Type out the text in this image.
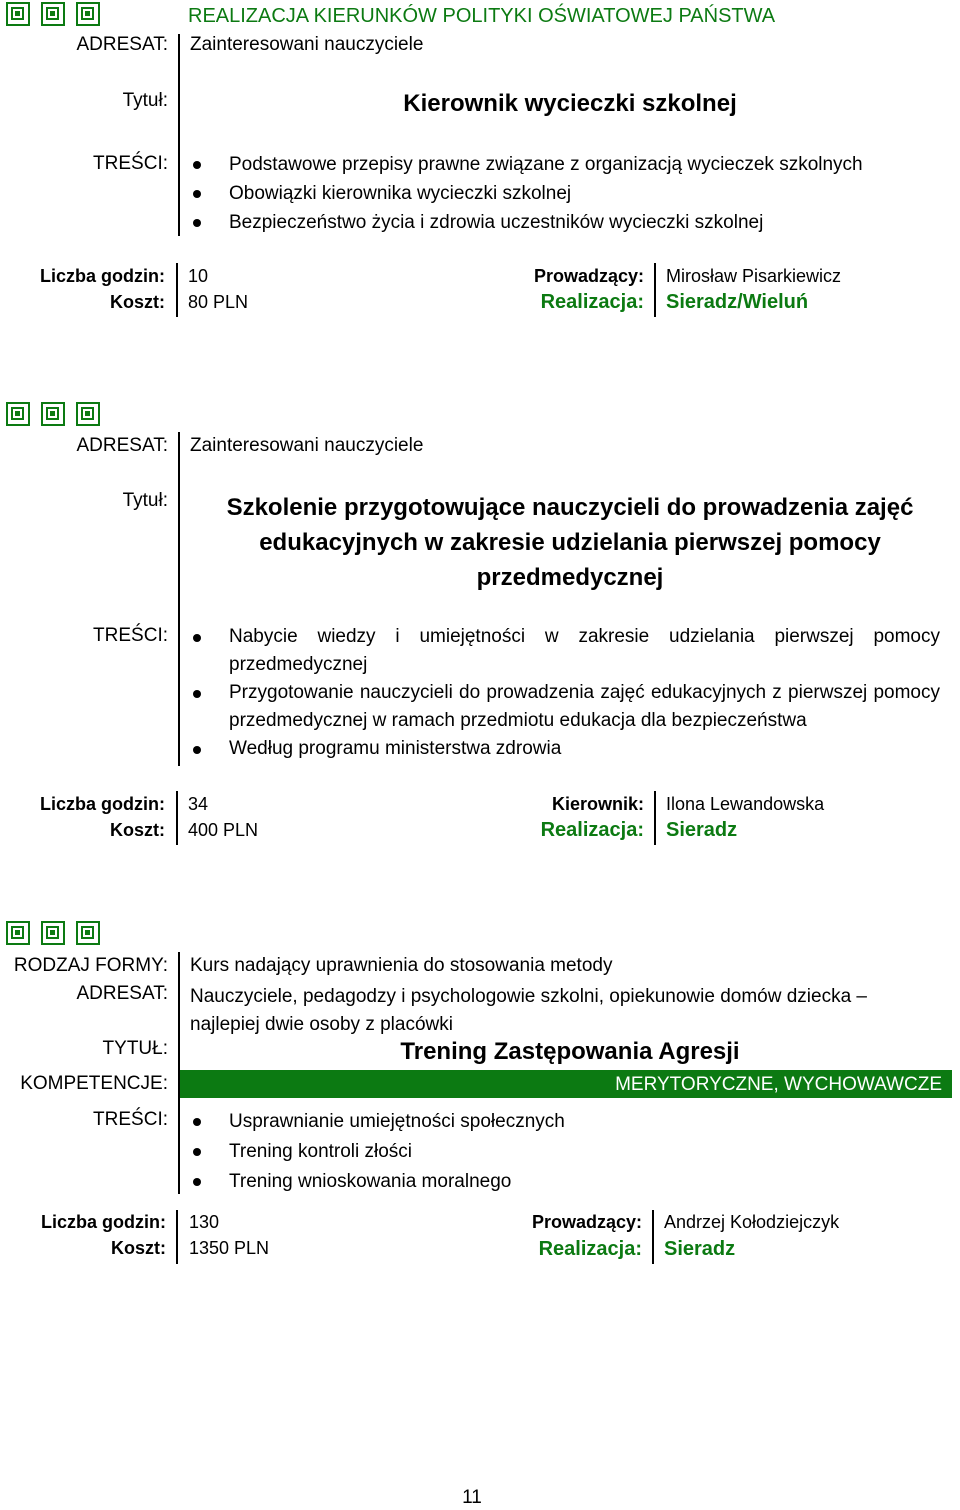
REALIZACJA KIERUNKÓW POLITYKI OŚWIATOWEJ PAŃSTWA
ADRESAT: Zainteresowani nauczyciele
Tytuł:	Kierownik wycieczki szkolnej
TREŚCI:	Podstawowe przepisy prawne związane z organizacją wycieczek szkolnych
Obowiązki kierownika wycieczki szkolnej
Bezpieczeństwo życia i zdrowia uczestników wycieczki szkolnej
Liczba godzin: 10
Koszt: 80 PLN
Prowadzący: Mirosław Pisarkiewicz
Realizacja: Sieradz/Wieluń
ADRESAT: Zainteresowani nauczyciele
Tytuł:	Szkolenie przygotowujące nauczycieli do prowadzenia zajęć
edukacyjnych w zakresie udzielania pierwszej pomocy
przedmedycznej
TREŚCI:	Nabycie wiedzy i umiejętności w zakresie udzielania pierwszej pomocy przedmedycznej
Przygotowanie nauczycieli do prowadzenia zajęć edukacyjnych z pierwszej pomocy przedmedycznej w ramach przedmiotu edukacja dla bezpieczeństwa
Według programu ministerstwa zdrowia
Liczba godzin: 34
Koszt: 400 PLN
Kierownik: Ilona Lewandowska
Realizacja: Sieradz
RODZAJ FORMY: Kurs nadający uprawnienia do stosowania metody
ADRESAT: Nauczyciele, pedagodzy i psychologowie szkolni, opiekunowie domów dziecka –
najlepiej dwie osoby z placówki
TYTUŁ:	Trening Zastępowania Agresji
KOMPETENCJE:	MERYTORYCZNE, WYCHOWAWCZE
TREŚCI:	Usprawnianie umiejętności społecznych
Trening kontroli złości
Trening wnioskowania moralnego
Liczba godzin: 130
Koszt: 1350 PLN
Prowadzący: Andrzej Kołodziejczyk
Realizacja: Sieradz
11
